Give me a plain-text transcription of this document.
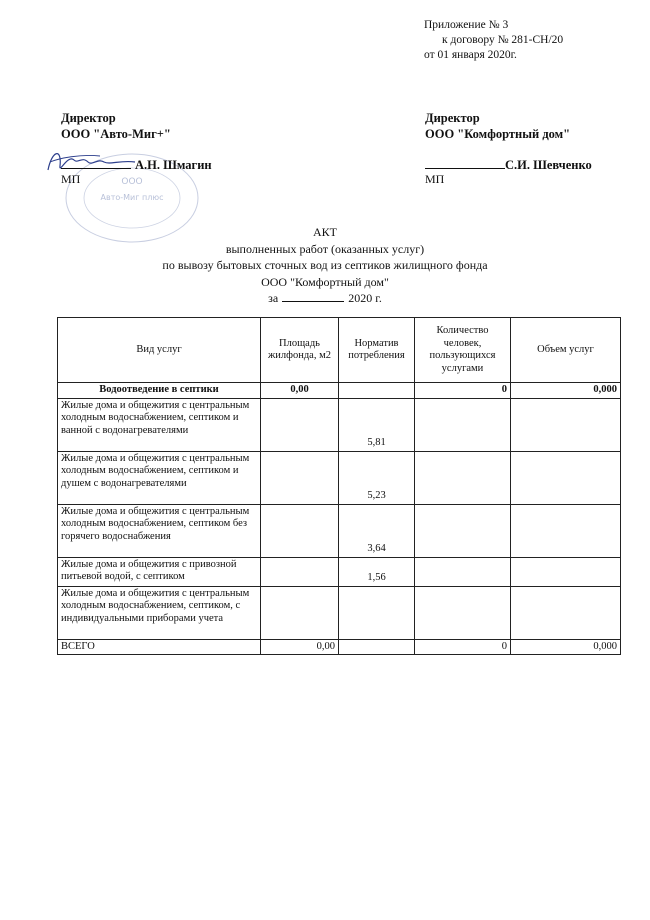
Приложение № 3
к договору № 281-СН/20
от 01 января 2020г.
Директор
ООО "Авто-Миг+"
Директор
ООО "Комфортный дом"
ООО
Авто-Миг плюс
А.Н. Шмагин	С.И. Шевченко
МП	МП
АКТ
выполненных работ (оказанных услуг)
по вывозу бытовых сточных вод из септиков жилищного фонда
ООО "Комфортный дом"
за	2020 г.
Вид услуг	Площадь жилфонда, м2	Норматив потребления	Количество человек, пользующихся услугами	Объем услуг
Водоотведение в септики	0,00		0	0,000
Жилые дома и общежития с центральным холодным водоснабжением, септиком и ванной с водонагревателями		5,81		
Жилые дома и общежития с центральным холодным водоснабжением, септиком и душем с водонагревателями		5,23		
Жилые дома и общежития с центральным холодным водоснабжением, септиком без горячего водоснабжения		3,64		
Жилые дома и общежития с привозной питьевой водой, с септиком		1,56		
Жилые дома и общежития с центральным холодным водоснабжением, септиком, с индивидуальными приборами учета				
ВСЕГО	0,00		0	0,000
